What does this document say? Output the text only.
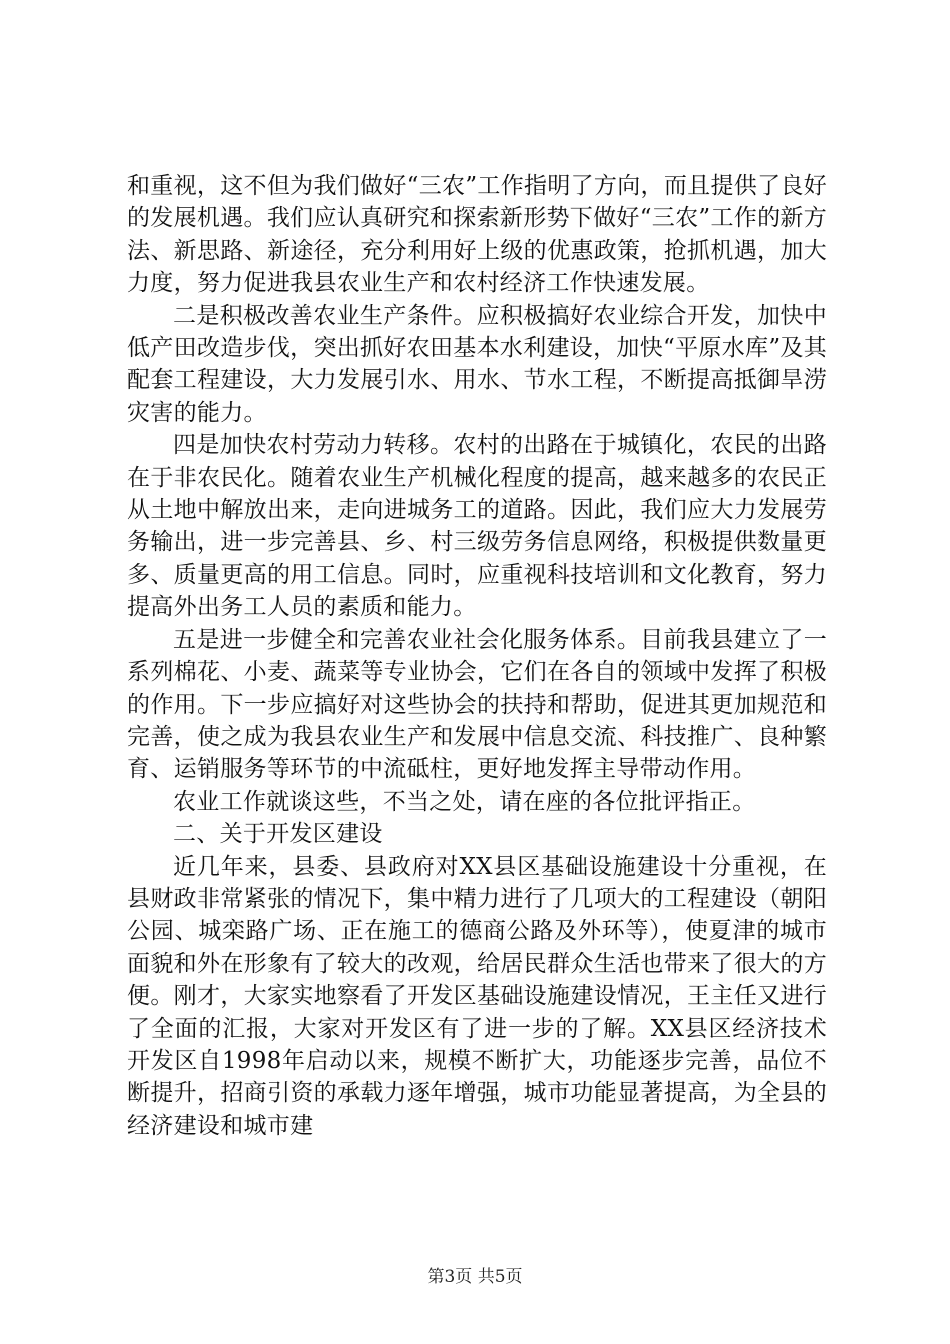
和重视，这不但为我们做好“三农”工作指明了方向，而且提供了良好的发展机遇。我们应认真研究和探索新形势下做好“三农”工作的新方法、新思路、新途径，充分利用好上级的优惠政策，抢抓机遇，加大力度，努力促进我县农业生产和农村经济工作快速发展。

二是积极改善农业生产条件。应积极搞好农业综合开发，加快中低产田改造步伐，突出抓好农田基本水利建设，加快“平原水库”及其配套工程建设，大力发展引水、用水、节水工程，不断提高抵御旱涝灾害的能力。

四是加快农村劳动力转移。农村的出路在于城镇化，农民的出路在于非农民化。随着农业生产机械化程度的提高，越来越多的农民正从土地中解放出来，走向进城务工的道路。因此，我们应大力发展劳务输出，进一步完善县、乡、村三级劳务信息网络，积极提供数量更多、质量更高的用工信息。同时，应重视科技培训和文化教育，努力提高外出务工人员的素质和能力。

五是进一步健全和完善农业社会化服务体系。目前我县建立了一系列棉花、小麦、蔬菜等专业协会，它们在各自的领域中发挥了积极的作用。下一步应搞好对这些协会的扶持和帮助，促进其更加规范和完善，使之成为我县农业生产和发展中信息交流、科技推广、良种繁育、运销服务等环节的中流砥柱，更好地发挥主导带动作用。

农业工作就谈这些，不当之处，请在座的各位批评指正。

二、关于开发区建设

近几年来，县委、县政府对XX县区基础设施建设十分重视，在县财政非常紧张的情况下，集中精力进行了几项大的工程建设（朝阳公园、城栾路广场、正在施工的德商公路及外环等），使夏津的城市面貌和外在形象有了较大的改观，给居民群众生活也带来了很大的方便。刚才，大家实地察看了开发区基础设施建设情况，王主任又进行了全面的汇报，大家对开发区有了进一步的了解。XX县区经济技术开发区自1998年启动以来，规模不断扩大，功能逐步完善，品位不断提升，招商引资的承载力逐年增强，城市功能显著提高，为全县的经济建设和城市建

第3页 共5页
